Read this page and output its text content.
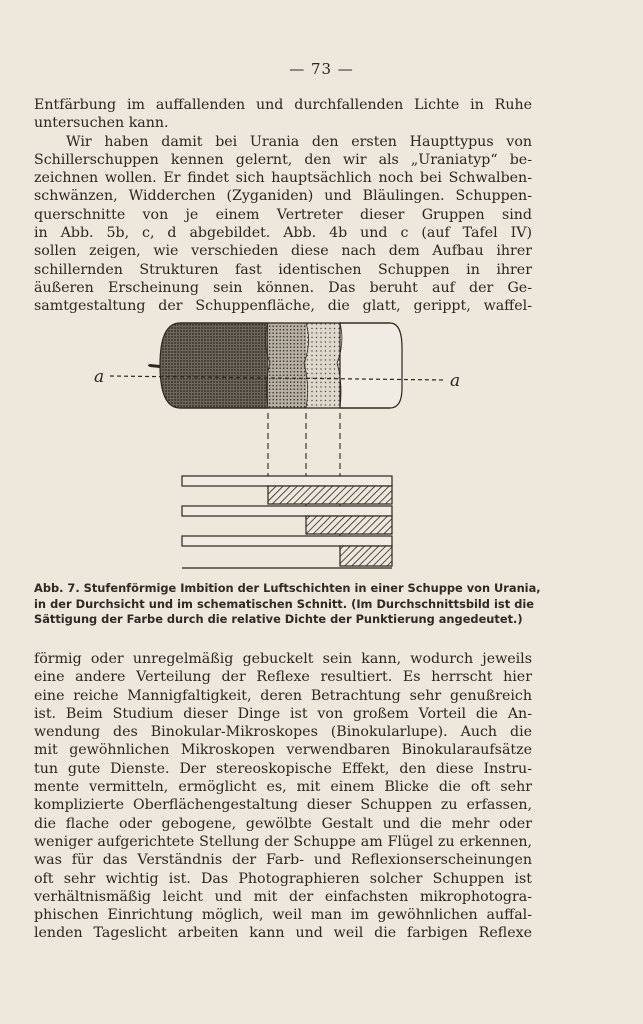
— 73 —
Entfärbung im auffallenden und durchfallenden Lichte in Ruhe
untersuchen kann.
Wir haben damit bei Urania den ersten Haupttypus von
Schillerschuppen kennen gelernt, den wir als „Uraniatyp“ be-
zeichnen wollen. Er findet sich hauptsächlich noch bei Schwalben-
schwänzen, Widderchen (Zyganiden) und Bläulingen. Schuppen-
querschnitte von je einem Vertreter dieser Gruppen sind
in Abb. 5b, c, d abgebildet. Abb. 4b und c (auf Tafel IV)
sollen zeigen, wie verschieden diese nach dem Aufbau ihrer
schillernden Strukturen fast identischen Schuppen in ihrer
äußeren Erscheinung sein können. Das beruht auf der Ge-
samtgestaltung der Schuppenfläche, die glatt, gerippt, waffel-
a	a
Abb. 7. Stufenförmige Imbition der Luftschichten in einer Schuppe von Urania,
in der Durchsicht und im schematischen Schnitt. (Im Durchschnittsbild ist die
Sättigung der Farbe durch die relative Dichte der Punktierung angedeutet.)
förmig oder unregelmäßig gebuckelt sein kann, wodurch jeweils
eine andere Verteilung der Reflexe resultiert. Es herrscht hier
eine reiche Mannigfaltigkeit, deren Betrachtung sehr genußreich
ist. Beim Studium dieser Dinge ist von großem Vorteil die An-
wendung des Binokular-Mikroskopes (Binokularlupe). Auch die
mit gewöhnlichen Mikroskopen verwendbaren Binokularaufsätze
tun gute Dienste. Der stereoskopische Effekt, den diese Instru-
mente vermitteln, ermöglicht es, mit einem Blicke die oft sehr
komplizierte Oberflächengestaltung dieser Schuppen zu erfassen,
die flache oder gebogene, gewölbte Gestalt und die mehr oder
weniger aufgerichtete Stellung der Schuppe am Flügel zu erkennen,
was für das Verständnis der Farb- und Reflexionserscheinungen
oft sehr wichtig ist. Das Photographieren solcher Schuppen ist
verhältnismäßig leicht und mit der einfachsten mikrophotogra-
phischen Einrichtung möglich, weil man im gewöhnlichen auffal-
lenden Tageslicht arbeiten kann und weil die farbigen Reflexe
